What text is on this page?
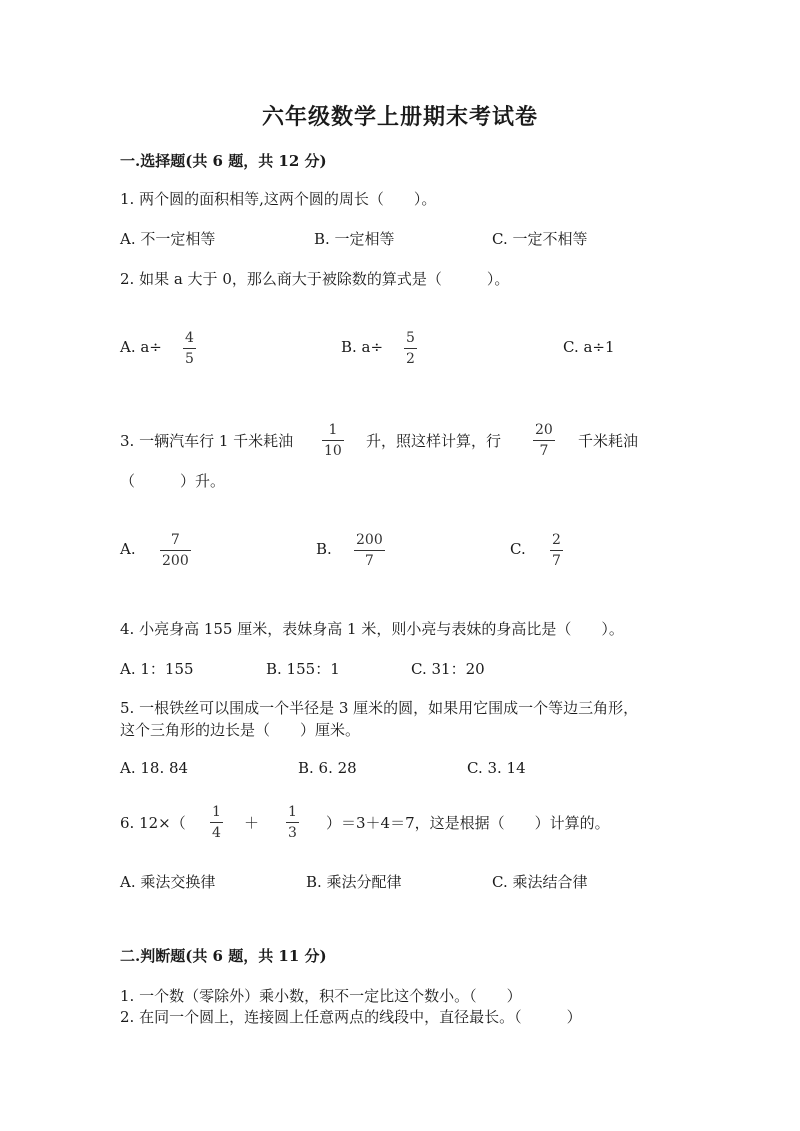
六年级数学上册期末考试卷
一.选择题(共 6 题，共 12 分)
1. 两个圆的面积相等,这两个圆的周长（　　）。
A. 不一定相等	B. 一定相等	C. 一定不相等
2. 如果 a 大于 0，那么商大于被除数的算式是（　　　）。
A. a÷ 4
5
B. a÷ 5
2
C. a÷1
3. 一辆汽车行 1 千米耗油
1
10
升，照这样计算，行
20
7
千米耗油
（　　　）升。
A.	7
200
B. 200
7
C. 2
7
4. 小亮身高 155 厘米，表妹身高 1 米，则小亮与表妹的身高比是（　　）。
A. 1：155	B. 155：1	C. 31：20
5. 一根铁丝可以围成一个半径是 3 厘米的圆，如果用它围成一个等边三角形，
这个三角形的边长是（　　）厘米。
A. 18. 84	B. 6. 28	C. 3. 14
6. 12×（
1
4
＋
1
3
）＝3＋4＝7，这是根据（　　）计算的。
A. 乘法交换律	B. 乘法分配律	C. 乘法结合律
二.判断题(共 6 题，共 11 分)
1. 一个数（零除外）乘小数，积不一定比这个数小。（　　）
2. 在同一个圆上，连接圆上任意两点的线段中，直径最长。（　　　）
